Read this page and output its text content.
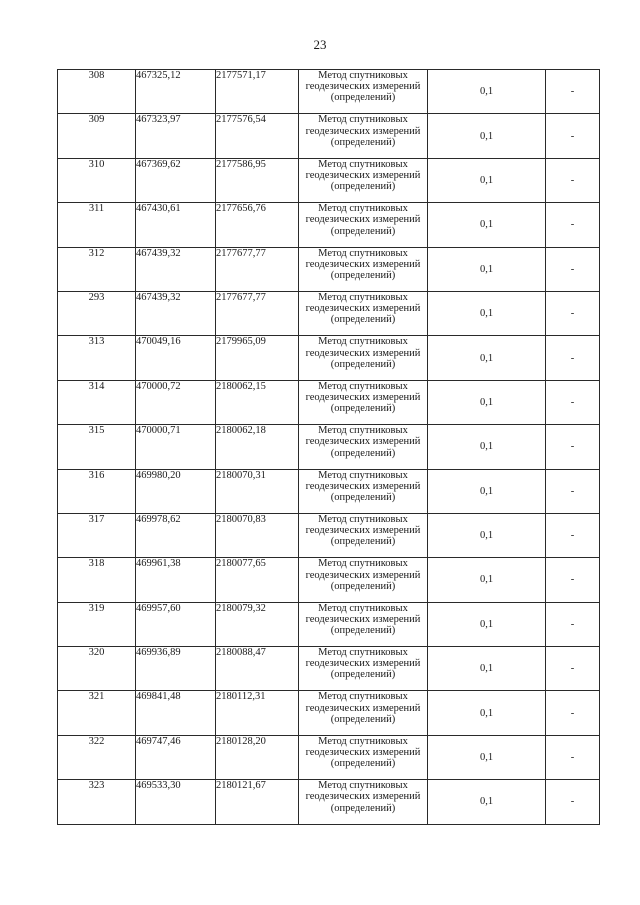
23
308	467325,12	2177571,17	Метод спутниковых
геодезических измерений
(определений)	0,1	-
309	467323,97	2177576,54	Метод спутниковых
геодезических измерений
(определений)	0,1	-
310	467369,62	2177586,95	Метод спутниковых
геодезических измерений
(определений)	0,1	-
311	467430,61	2177656,76	Метод спутниковых
геодезических измерений
(определений)	0,1	-
312	467439,32	2177677,77	Метод спутниковых
геодезических измерений
(определений)	0,1	-
293	467439,32	2177677,77	Метод спутниковых
геодезических измерений
(определений)	0,1	-
313	470049,16	2179965,09	Метод спутниковых
геодезических измерений
(определений)	0,1	-
314	470000,72	2180062,15	Метод спутниковых
геодезических измерений
(определений)	0,1	-
315	470000,71	2180062,18	Метод спутниковых
геодезических измерений
(определений)	0,1	-
316	469980,20	2180070,31	Метод спутниковых
геодезических измерений
(определений)	0,1	-
317	469978,62	2180070,83	Метод спутниковых
геодезических измерений
(определений)	0,1	-
318	469961,38	2180077,65	Метод спутниковых
геодезических измерений
(определений)	0,1	-
319	469957,60	2180079,32	Метод спутниковых
геодезических измерений
(определений)	0,1	-
320	469936,89	2180088,47	Метод спутниковых
геодезических измерений
(определений)	0,1	-
321	469841,48	2180112,31	Метод спутниковых
геодезических измерений
(определений)	0,1	-
322	469747,46	2180128,20	Метод спутниковых
геодезических измерений
(определений)	0,1	-
323	469533,30	2180121,67	Метод спутниковых
геодезических измерений
(определений)	0,1	-
